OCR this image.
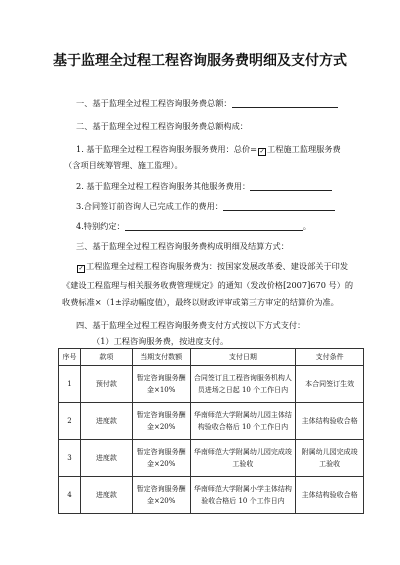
基于监理全过程工程咨询服务费明细及支付方式
一、基于监理全过程工程咨询服务费总额：
二、基于监理全过程工程咨询服务费总额构成：
1. 基于监理全过程工程咨询服务服务费用：总价= ✓ 工程施工监理服务费
（含项目统筹管理、施工监理）。
2. 基于监理全过程工程咨询服务其他服务费用：
3.合同签订前咨询人已完成工作的费用：
4.特别约定：	。
三、基于监理全过程工程咨询服务费构成明细及结算方式：
✓ 工程监理全过程工程咨询服务费为：按国家发展改革委、建设部关于印发
《建设工程监理与相关服务收费管理规定》的通知（发改价格[2007]670 号）的
收费标准×（1±浮动幅度值），最终以财政评审或第三方审定的结算价为准。
四、基于监理全过程工程咨询服务费支付方式按以下方式支付：
（1）工程咨询服务费，按进度支付。
序号	款项	当期支付数额	支付日期	支付条件
1	预付款	暂定咨询服务酬金×10%	合同签订且工程咨询服务机构人员进场之日起 10 个工作日内	本合同签订生效
2	进度款	暂定咨询服务酬金×20%	华南师范大学附属幼儿园主体结构验收合格后 10 个工作日内	主体结构验收合格
3	进度款	暂定咨询服务酬金×20%	华南师范大学附属幼儿园完成竣工验收	附属幼儿园完成竣工验收
4	进度款	暂定咨询服务酬金×20%	华南师范大学附属小学主体结构验收合格后 10 个工作日内	主体结构验收合格
